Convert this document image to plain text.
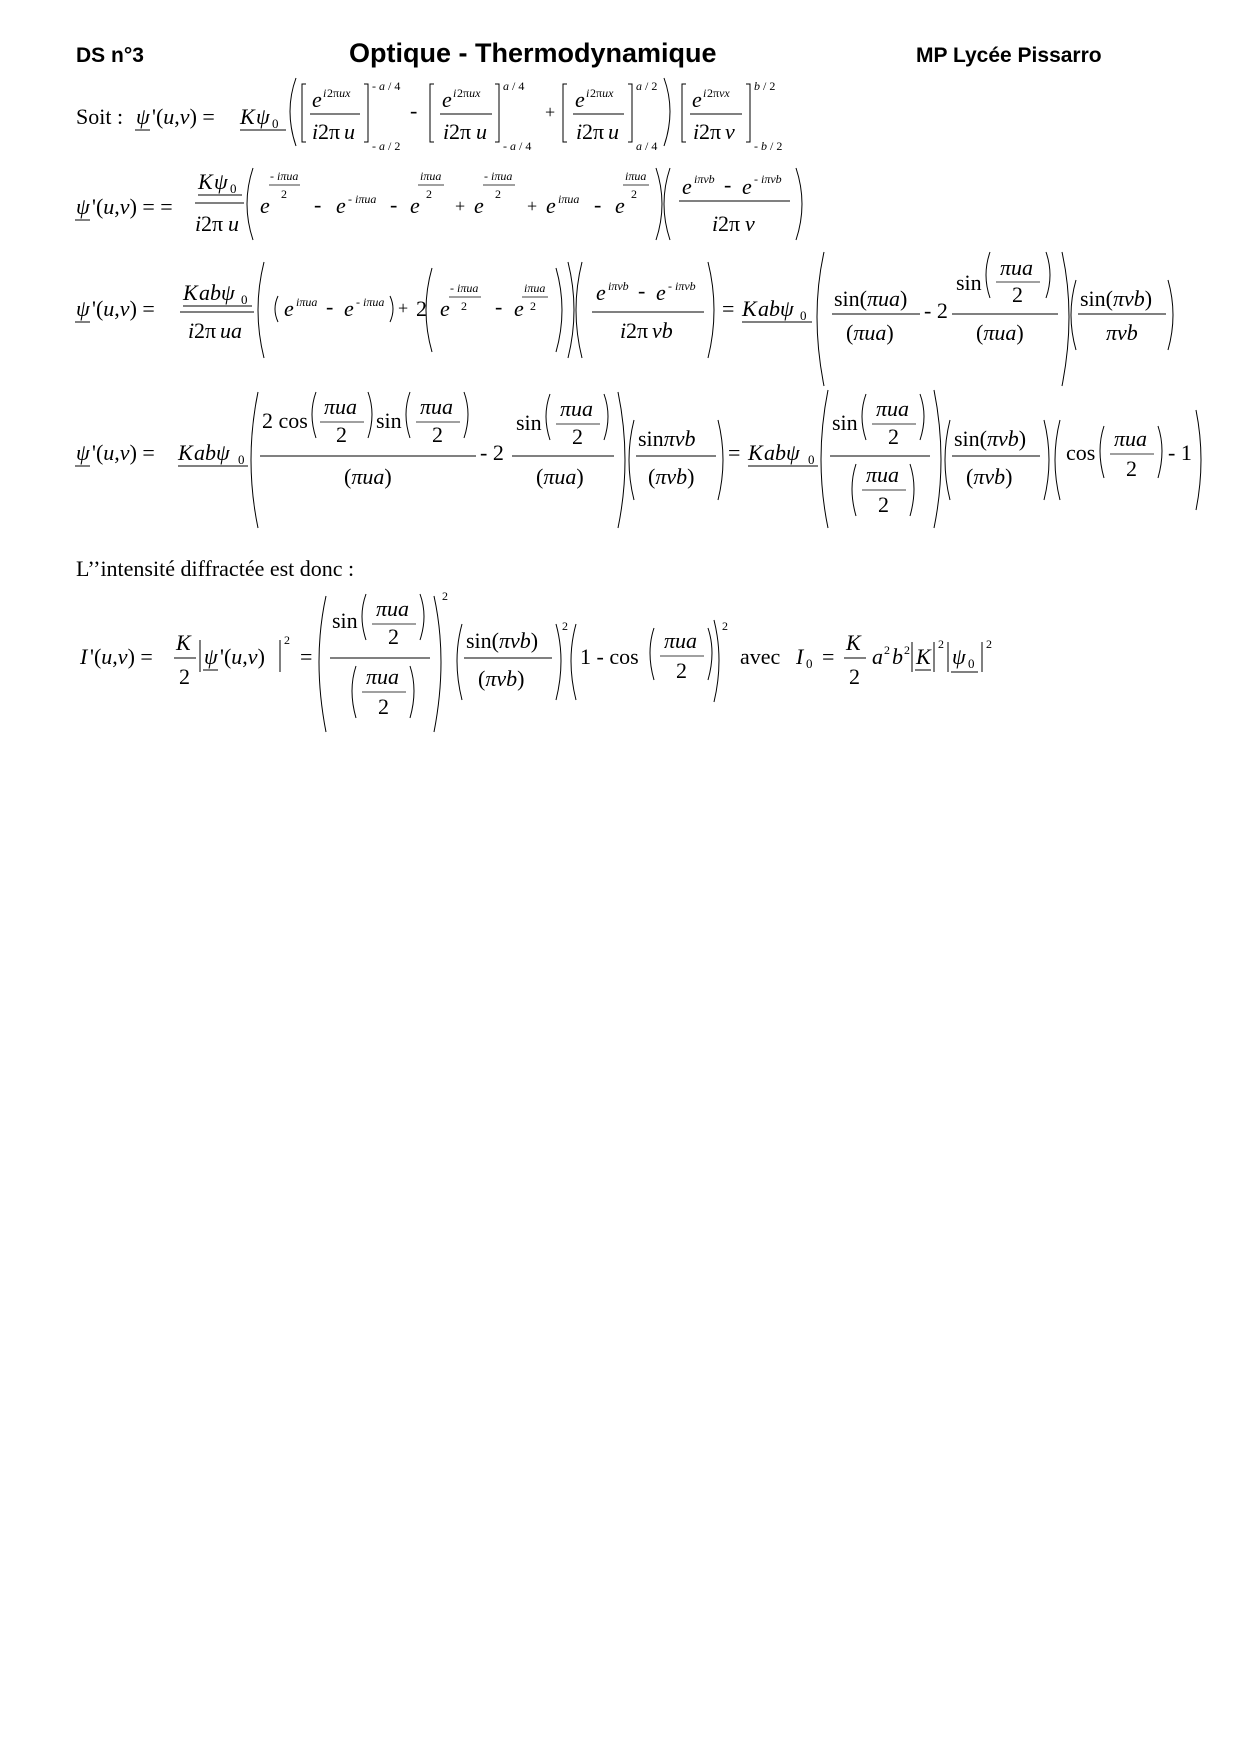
DS n°3	Optique - Thermodynamique	MP Lycée Pissarro
Soit : ψ '(u,v) = K ψ 0
e i 2πux
i 2π u
- a / 4
- a / 2
- e i 2πux
i 2π u
a / 4
- a / 4
+ e i 2πux
i 2π u
a / 2
a / 4
e i 2πvx
i 2π v
b / 2
- b / 2
ψ '(u,v) = =
K ψ 0
i 2π u
e
- iπua
2 - e - iπua - e
iπua
2
+ e
- iπua
2
+ e iπua - e
iπua
2 e iπvb - e - iπvb
i 2π v
ψ '(u,v) =
K abψ 0
i 2π ua
e iπua - e - iπua + 2 e
- iπua
2 - e
iπua
2
e iπvb - e - iπvb
i 2π vb
= K abψ 0
sin(πua)
(πua)
- 2
sin
πua
2
(πua)
sin(πvb)
πvb
ψ '(u,v) = K abψ 0
2 cos
πua
2
sin
πua
2
(πua)
- 2
sin
πua
2
(πua)
sinπvb
(πvb)
= K abψ 0
sin
πua
2
πua
2
sin(πvb)
(πvb)
cos
πua
2
- 1
L’’intensité diffractée est donc :
I '(u,v) =
K
2
ψ '(u,v)
2
=
sin πua
2
πua
2
2
sin(πvb)
(πvb)
2
1 - cos
πua
2
2
avec I 0 =
K
2
a 2 b 2 K 2 ψ 0
2
